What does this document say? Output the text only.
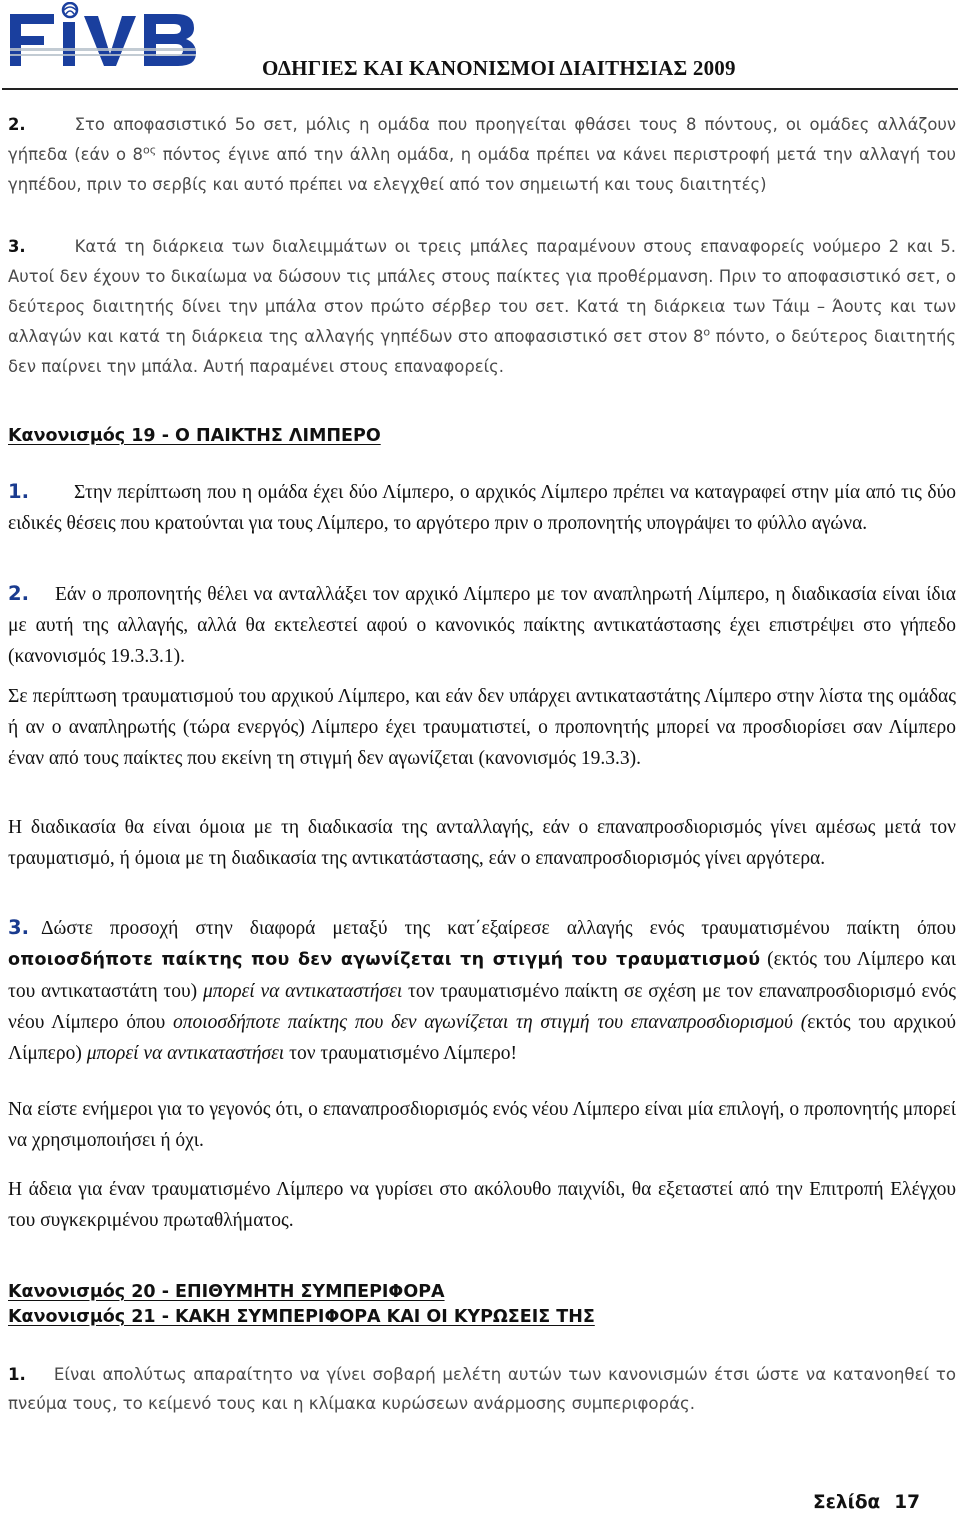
ΟΔΗΓΙΕΣ ΚΑΙ ΚΑΝΟΝΙΣΜΟΙ ΔΙΑΙΤΗΣΙΑΣ 2009

2.	Στο αποφασιστικό 5ο σετ, μόλις η ομάδα που προηγείται φθάσει τους 8 πόντους, οι ομάδες αλλάζουν γήπεδα (εάν ο $8^{o\varsigma}$ πόντος έγινε από την άλλη ομάδα, η ομάδα πρέπει να κάνει περιστροφή μετά την αλλαγή του γηπέδου, πριν το σερβίς και αυτό πρέπει να ελεγχθεί από τον σημειωτή και τους διαιτητές)

3.	Κατά τη διάρκεια των διαλειμμάτων οι τρεις μπάλες παραμένουν στους επαναφορείς νούμερο 2 και 5. Αυτοί δεν έχουν το δικαίωμα να δώσουν τις μπάλες στους παίκτες για προθέρμανση. Πριν το αποφασιστικό σετ, ο δεύτερος διαιτητής δίνει την μπάλα στον πρώτο σέρβερ του σετ. Κατά τη διάρκεια των Τάιμ – Άουτς και των αλλαγών και κατά τη διάρκεια της αλλαγής γηπέδων στο αποφασιστικό σετ στον $8^o$ πόντο, ο δεύτερος διαιτητής δεν παίρνει την μπάλα. Αυτή παραμένει στους επαναφορείς.

Κανονισμός 19 - Ο ΠΑΙΚΤΗΣ ΛΙΜΠΕΡΟ

1. Στην περίπτωση που η ομάδα έχει δύο Λίμπερο, ο αρχικός Λίμπερο πρέπει να καταγραφεί στην μία από τις δύο ειδικές θέσεις που κρατούνται για τους Λίμπερο, το αργότερο πριν ο προπονητής υπογράψει το φύλλο αγώνα.

2. Εάν ο προπονητής θέλει να ανταλλάξει τον αρχικό Λίμπερο με τον αναπληρωτή Λίμπερο, η διαδικασία είναι ίδια με αυτή της αλλαγής, αλλά θα εκτελεστεί αφού ο κανονικός παίκτης αντικατάστασης έχει επιστρέψει στο γήπεδο (κανονισμός 19.3.3.1).

Σε περίπτωση τραυματισμού του αρχικού Λίμπερο, και εάν δεν υπάρχει αντικαταστάτης Λίμπερο στην λίστα της ομάδας ή αν ο αναπληρωτής (τώρα ενεργός) Λίμπερο έχει τραυματιστεί, ο προπονητής μπορεί να προσδιορίσει σαν Λίμπερο έναν από τους παίκτες που εκείνη τη στιγμή δεν αγωνίζεται (κανονισμός 19.3.3).

Η διαδικασία θα είναι όμοια με τη διαδικασία της ανταλλαγής, εάν ο επαναπροσδιορισμός γίνει αμέσως μετά τον τραυματισμό, ή όμοια με τη διαδικασία της αντικατάστασης, εάν ο επαναπροσδιορισμός γίνει αργότερα.

3. Δώστε προσοχή στην διαφορά μεταξύ της κατ΄εξαίρεσε αλλαγής ενός τραυματισμένου παίκτη όπου οποιοσδήποτε παίκτης που δεν αγωνίζεται τη στιγμή του τραυματισμού (εκτός του Λίμπερο και του αντικαταστάτη του) μπορεί να αντικαταστήσει τον τραυματισμένο παίκτη σε σχέση με τον επαναπροσδιορισμό ενός νέου Λίμπερο όπου οποιοσδήποτε παίκτης που δεν αγωνίζεται τη στιγμή του επαναπροσδιορισμού (εκτός του αρχικού Λίμπερο) μπορεί να αντικαταστήσει τον τραυματισμένο Λίμπερο!

Να είστε ενήμεροι για το γεγονός ότι, ο επαναπροσδιορισμός ενός νέου Λίμπερο είναι μία επιλογή, ο προπονητής μπορεί να χρησιμοποιήσει ή όχι.

Η άδεια για έναν τραυματισμένο Λίμπερο να γυρίσει στο ακόλουθο παιχνίδι, θα εξεταστεί από την Επιτροπή Ελέγχου του συγκεκριμένου πρωταθλήματος.

Κανονισμός 20 - ΕΠΙΘΥΜΗΤΗ ΣΥΜΠΕΡΙΦΟΡΑ
Κανονισμός 21 - ΚΑΚΗ ΣΥΜΠΕΡΙΦΟΡΑ ΚΑΙ ΟΙ ΚΥΡΩΣΕΙΣ ΤΗΣ

1. Είναι απολύτως απαραίτητο να γίνει σοβαρή μελέτη αυτών των κανονισμών έτσι ώστε να κατανοηθεί το πνεύμα τους, το κείμενό τους και η κλίμακα κυρώσεων ανάρμοσης συμπεριφοράς.

Σελίδα 17
